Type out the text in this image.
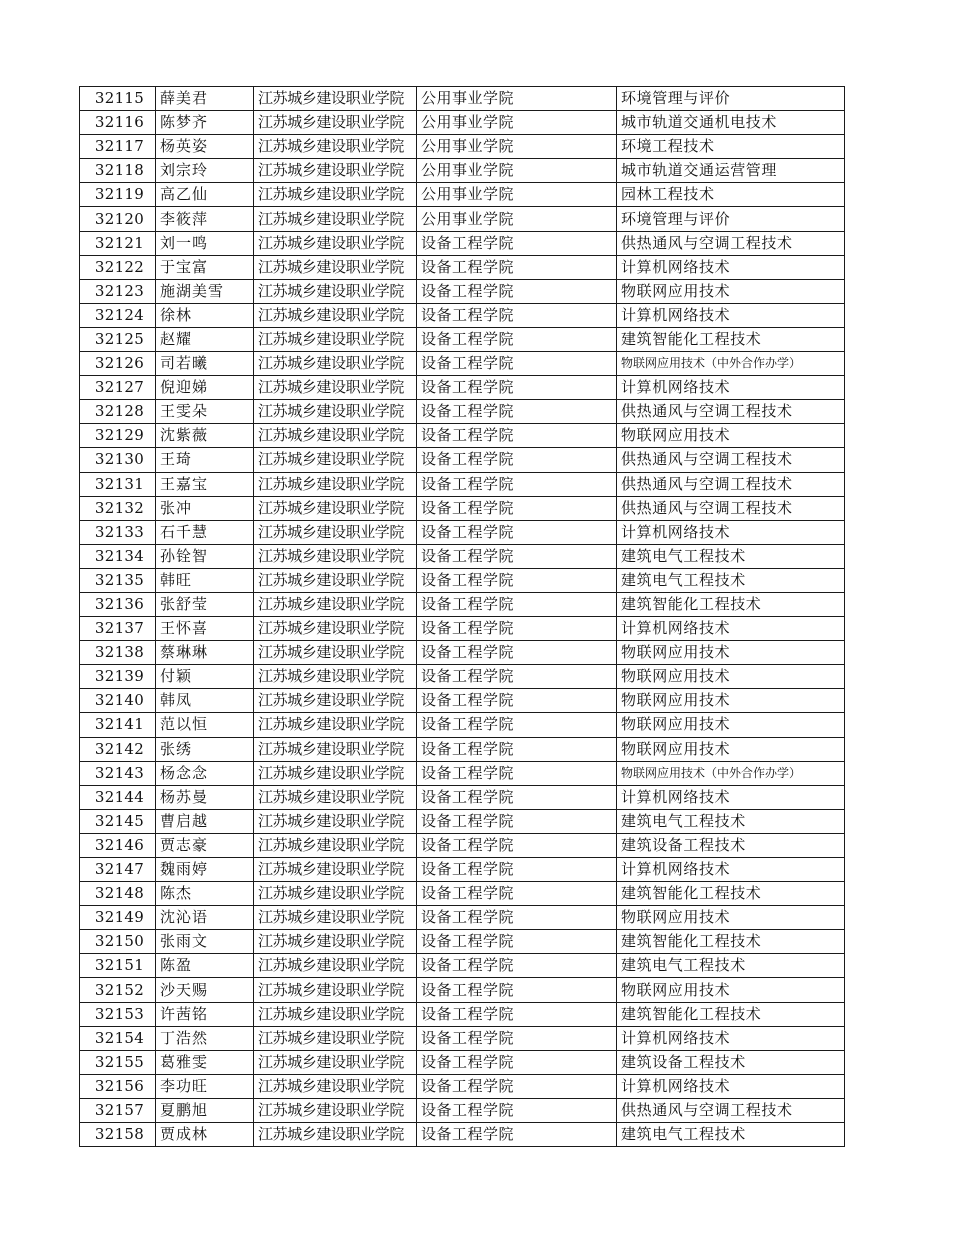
32115	薛美君	江苏城乡建设职业学院	公用事业学院	环境管理与评价
32116	陈梦齐	江苏城乡建设职业学院	公用事业学院	城市轨道交通机电技术
32117	杨英姿	江苏城乡建设职业学院	公用事业学院	环境工程技术
32118	刘宗玲	江苏城乡建设职业学院	公用事业学院	城市轨道交通运营管理
32119	高乙仙	江苏城乡建设职业学院	公用事业学院	园林工程技术
32120	李筱萍	江苏城乡建设职业学院	公用事业学院	环境管理与评价
32121	刘一鸣	江苏城乡建设职业学院	设备工程学院	供热通风与空调工程技术
32122	于宝富	江苏城乡建设职业学院	设备工程学院	计算机网络技术
32123	施湖美雪	江苏城乡建设职业学院	设备工程学院	物联网应用技术
32124	徐林	江苏城乡建设职业学院	设备工程学院	计算机网络技术
32125	赵耀	江苏城乡建设职业学院	设备工程学院	建筑智能化工程技术
32126	司若曦	江苏城乡建设职业学院	设备工程学院	物联网应用技术（中外合作办学）
32127	倪迎娣	江苏城乡建设职业学院	设备工程学院	计算机网络技术
32128	王雯朵	江苏城乡建设职业学院	设备工程学院	供热通风与空调工程技术
32129	沈紫薇	江苏城乡建设职业学院	设备工程学院	物联网应用技术
32130	王琦	江苏城乡建设职业学院	设备工程学院	供热通风与空调工程技术
32131	王嘉宝	江苏城乡建设职业学院	设备工程学院	供热通风与空调工程技术
32132	张冲	江苏城乡建设职业学院	设备工程学院	供热通风与空调工程技术
32133	石千慧	江苏城乡建设职业学院	设备工程学院	计算机网络技术
32134	孙铨智	江苏城乡建设职业学院	设备工程学院	建筑电气工程技术
32135	韩旺	江苏城乡建设职业学院	设备工程学院	建筑电气工程技术
32136	张舒莹	江苏城乡建设职业学院	设备工程学院	建筑智能化工程技术
32137	王怀喜	江苏城乡建设职业学院	设备工程学院	计算机网络技术
32138	蔡琳琳	江苏城乡建设职业学院	设备工程学院	物联网应用技术
32139	付颖	江苏城乡建设职业学院	设备工程学院	物联网应用技术
32140	韩凤	江苏城乡建设职业学院	设备工程学院	物联网应用技术
32141	范以恒	江苏城乡建设职业学院	设备工程学院	物联网应用技术
32142	张绣	江苏城乡建设职业学院	设备工程学院	物联网应用技术
32143	杨念念	江苏城乡建设职业学院	设备工程学院	物联网应用技术（中外合作办学）
32144	杨苏曼	江苏城乡建设职业学院	设备工程学院	计算机网络技术
32145	曹启越	江苏城乡建设职业学院	设备工程学院	建筑电气工程技术
32146	贾志豪	江苏城乡建设职业学院	设备工程学院	建筑设备工程技术
32147	魏雨婷	江苏城乡建设职业学院	设备工程学院	计算机网络技术
32148	陈杰	江苏城乡建设职业学院	设备工程学院	建筑智能化工程技术
32149	沈沁语	江苏城乡建设职业学院	设备工程学院	物联网应用技术
32150	张雨文	江苏城乡建设职业学院	设备工程学院	建筑智能化工程技术
32151	陈盈	江苏城乡建设职业学院	设备工程学院	建筑电气工程技术
32152	沙天赐	江苏城乡建设职业学院	设备工程学院	物联网应用技术
32153	许茜铭	江苏城乡建设职业学院	设备工程学院	建筑智能化工程技术
32154	丁浩然	江苏城乡建设职业学院	设备工程学院	计算机网络技术
32155	葛雅雯	江苏城乡建设职业学院	设备工程学院	建筑设备工程技术
32156	李功旺	江苏城乡建设职业学院	设备工程学院	计算机网络技术
32157	夏鹏旭	江苏城乡建设职业学院	设备工程学院	供热通风与空调工程技术
32158	贾成林	江苏城乡建设职业学院	设备工程学院	建筑电气工程技术
